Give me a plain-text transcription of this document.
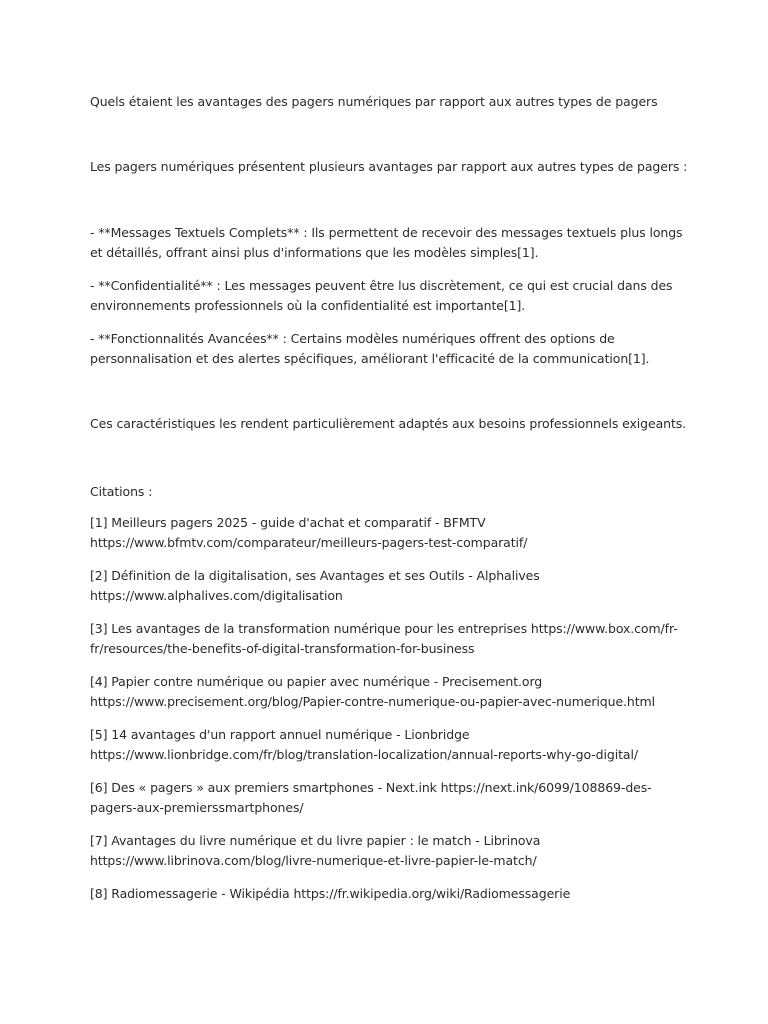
Quels étaient les avantages des pagers numériques par rapport aux autres types de pagers

Les pagers numériques présentent plusieurs avantages par rapport aux autres types de pagers :

- **Messages Textuels Complets** : Ils permettent de recevoir des messages textuels plus longs et détaillés, offrant ainsi plus d'informations que les modèles simples[1].

- **Confidentialité** : Les messages peuvent être lus discrètement, ce qui est crucial dans des environnements professionnels où la confidentialité est importante[1].

- **Fonctionnalités Avancées** : Certains modèles numériques offrent des options de personnalisation et des alertes spécifiques, améliorant l'efficacité de la communication[1].

Ces caractéristiques les rendent particulièrement adaptés aux besoins professionnels exigeants.

Citations :

[1] Meilleurs pagers 2025 - guide d'achat et comparatif - BFMTV https://www.bfmtv.com/comparateur/meilleurs-pagers-test-comparatif/

[2] Définition de la digitalisation, ses Avantages et ses Outils - Alphalives https://www.alphalives.com/digitalisation

[3] Les avantages de la transformation numérique pour les entreprises https://www.box.com/fr-fr/resources/the-benefits-of-digital-transformation-for-business

[4] Papier contre numérique ou papier avec numérique - Precisement.org https://www.precisement.org/blog/Papier-contre-numerique-ou-papier-avec-numerique.html

[5] 14 avantages d'un rapport annuel numérique - Lionbridge https://www.lionbridge.com/fr/blog/translation-localization/annual-reports-why-go-digital/

[6] Des « pagers » aux premiers smartphones - Next.ink https://next.ink/6099/108869-des-pagers-aux-premierssmartphones/

[7] Avantages du livre numérique et du livre papier : le match - Librinova https://www.librinova.com/blog/livre-numerique-et-livre-papier-le-match/

[8] Radiomessagerie - Wikipédia https://fr.wikipedia.org/wiki/Radiomessagerie
